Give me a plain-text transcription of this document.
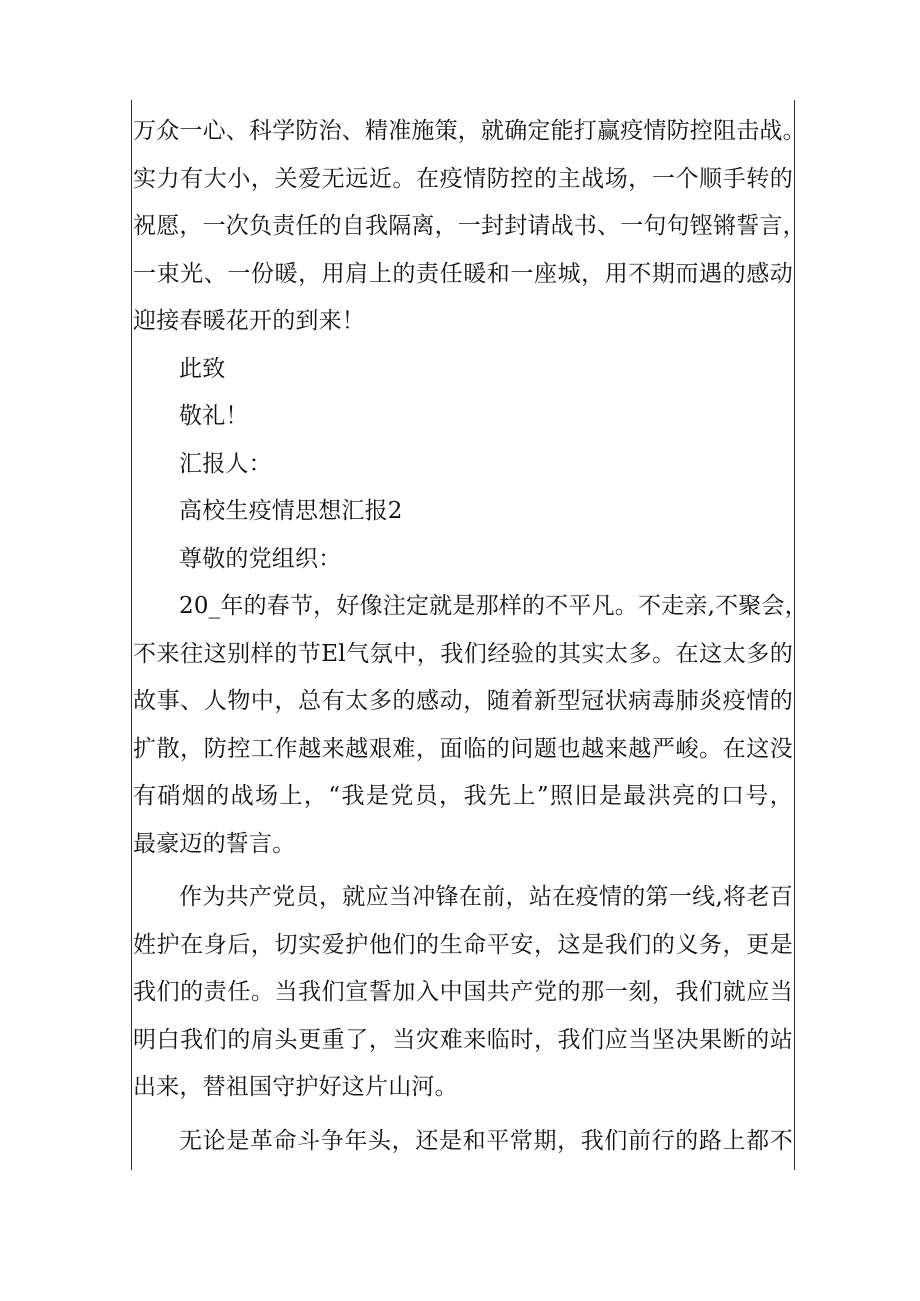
万众一心、科学防治、精准施策，就确定能打赢疫情防控阻击战。
实力有大小，关爱无远近。在疫情防控的主战场，一个顺手转的
祝愿，一次负责任的自我隔离，一封封请战书、一句句铿锵誓言，
一束光、一份暖，用肩上的责任暖和一座城，用不期而遇的感动
迎接春暖花开的到来！
此致
敬礼！
汇报人：
高校生疫情思想汇报2
尊敬的党组织：
20_年的春节，好像注定就是那样的不平凡。不走亲,不聚会，
不来往这别样的节El气氛中，我们经验的其实太多。在这太多的
故事、人物中，总有太多的感动，随着新型冠状病毒肺炎疫情的
扩散，防控工作越来越艰难，面临的问题也越来越严峻。在这没
有硝烟的战场上，“我是党员，我先上”照旧是最洪亮的口号，
最豪迈的誓言。
作为共产党员，就应当冲锋在前，站在疫情的第一线,将老百
姓护在身后，切实爱护他们的生命平安，这是我们的义务，更是
我们的责任。当我们宣誓加入中国共产党的那一刻，我们就应当
明白我们的肩头更重了，当灾难来临时，我们应当坚决果断的站
出来，替祖国守护好这片山河。
无论是革命斗争年头，还是和平常期，我们前行的路上都不
